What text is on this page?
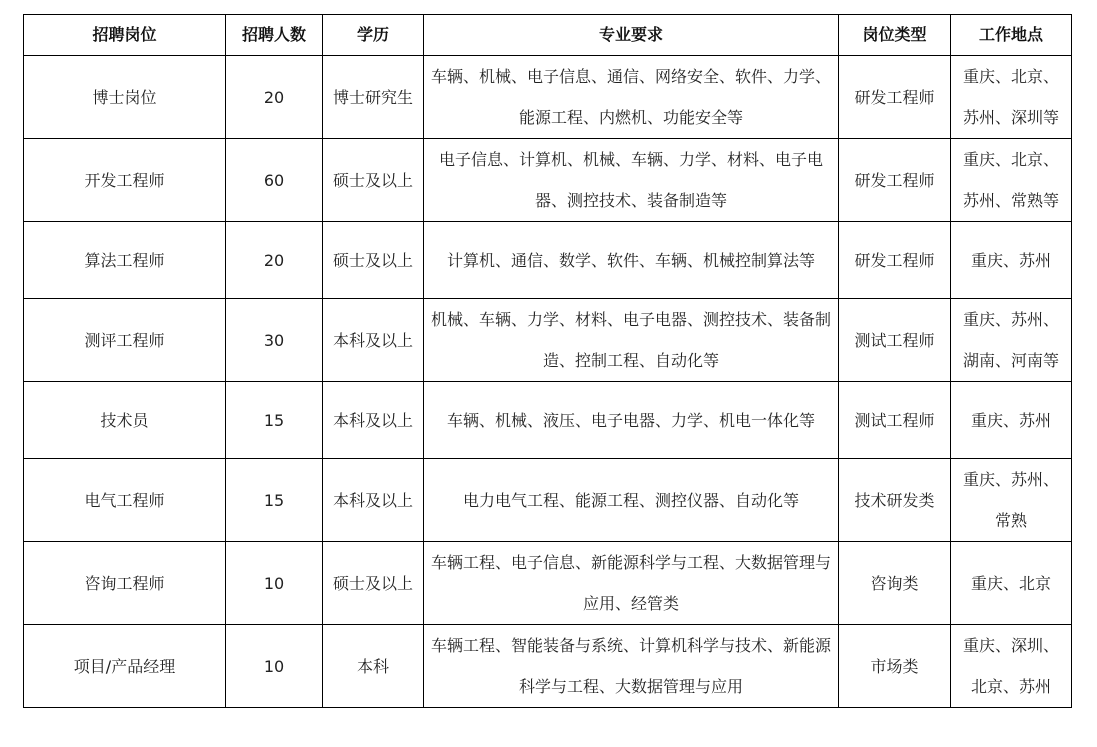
招聘岗位	招聘人数	学历	专业要求	岗位类型	工作地点
博士岗位	20	博士研究生	车辆、机械、电子信息、通信、网络安全、软件、力学、能源工程、内燃机、功能安全等	研发工程师	重庆、北京、苏州、深圳等
开发工程师	60	硕士及以上	电子信息、计算机、机械、车辆、力学、材料、电子电器、测控技术、装备制造等	研发工程师	重庆、北京、苏州、常熟等
算法工程师	20	硕士及以上	计算机、通信、数学、软件、车辆、机械控制算法等	研发工程师	重庆、苏州
测评工程师	30	本科及以上	机械、车辆、力学、材料、电子电器、测控技术、装备制造、控制工程、自动化等	测试工程师	重庆、苏州、湖南、河南等
技术员	15	本科及以上	车辆、机械、液压、电子电器、力学、机电一体化等	测试工程师	重庆、苏州
电气工程师	15	本科及以上	电力电气工程、能源工程、测控仪器、自动化等	技术研发类	重庆、苏州、常熟
咨询工程师	10	硕士及以上	车辆工程、电子信息、新能源科学与工程、大数据管理与应用、经管类	咨询类	重庆、北京
项目/产品经理	10	本科	车辆工程、智能装备与系统、计算机科学与技术、新能源科学与工程、大数据管理与应用	市场类	重庆、深圳、北京、苏州
